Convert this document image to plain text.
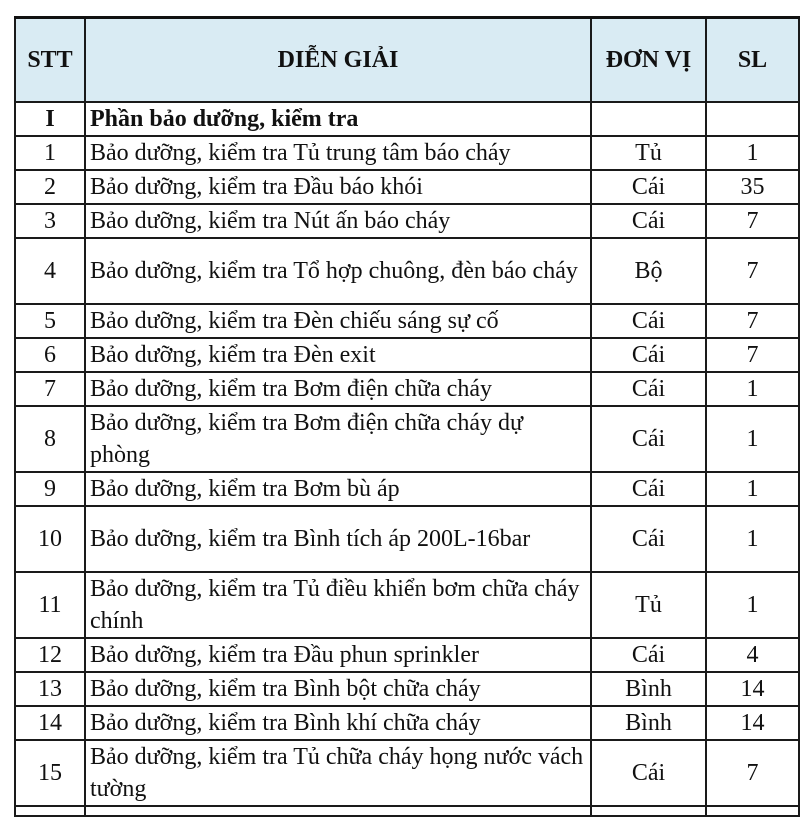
STT	DIỄN GIẢI	ĐƠN VỊ	SL
I	Phần bảo dưỡng, kiểm tra		
1	Bảo dưỡng, kiểm tra Tủ trung tâm báo cháy	Tủ	1
2	Bảo dưỡng, kiểm tra Đầu báo khói	Cái	35
3	Bảo dưỡng, kiểm tra Nút ấn báo cháy	Cái	7
4	Bảo dưỡng, kiểm tra Tổ hợp chuông, đèn báo cháy	Bộ	7
5	Bảo dưỡng, kiểm tra Đèn chiếu sáng sự cố	Cái	7
6	Bảo dưỡng, kiểm tra Đèn exit	Cái	7
7	Bảo dưỡng, kiểm tra Bơm điện chữa cháy	Cái	1
8	Bảo dưỡng, kiểm tra Bơm điện chữa cháy dự phòng	Cái	1
9	Bảo dưỡng, kiểm tra Bơm bù áp	Cái	1
10	Bảo dưỡng, kiểm tra Bình tích áp 200L-16bar	Cái	1
11	Bảo dưỡng, kiểm tra Tủ điều khiển bơm chữa cháy chính	Tủ	1
12	Bảo dưỡng, kiểm tra Đầu phun sprinkler	Cái	4
13	Bảo dưỡng, kiểm tra Bình bột chữa cháy	Bình	14
14	Bảo dưỡng, kiểm tra Bình khí chữa cháy	Bình	14
15	Bảo dưỡng, kiểm tra Tủ chữa cháy họng nước vách tường	Cái	7
